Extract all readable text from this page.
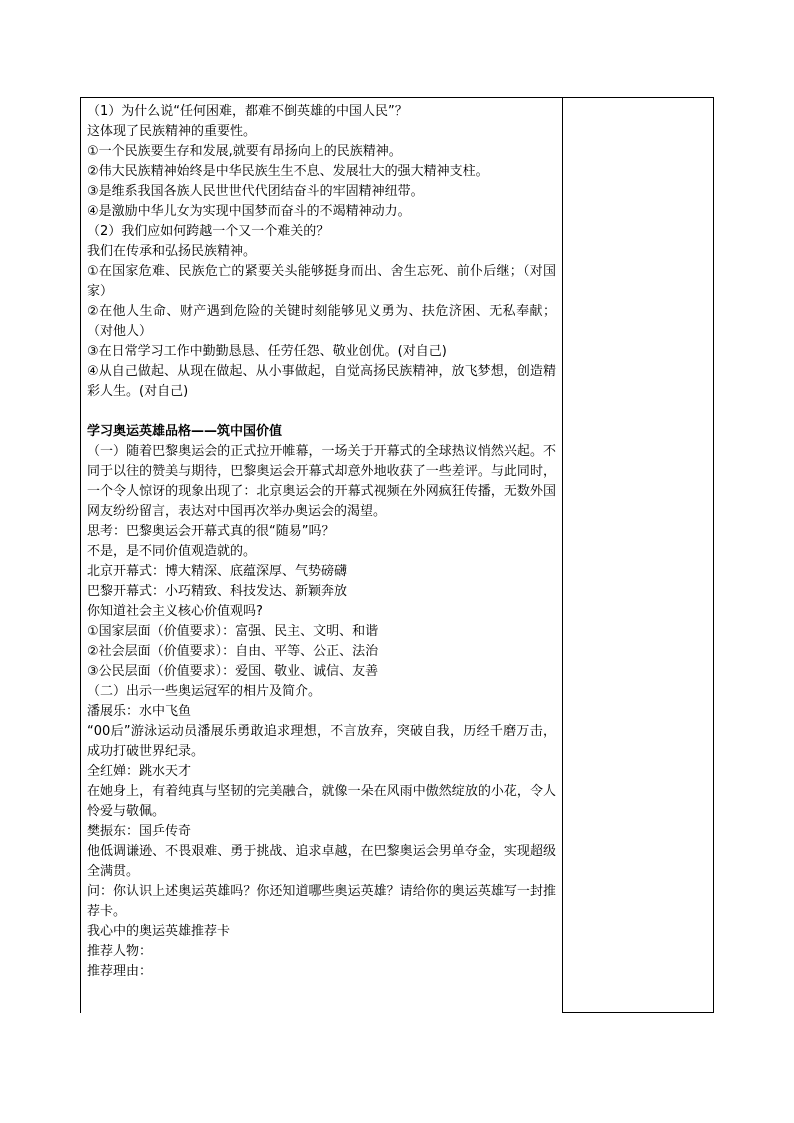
（1）为什么说“任何困难，都难不倒英雄的中国人民”？
这体现了民族精神的重要性。
①一个民族要生存和发展,就要有昂扬向上的民族精神。
②伟大民族精神始终是中华民族生生不息、发展壮大的强大精神支柱。
③是维系我国各族人民世世代代团结奋斗的牢固精神纽带。
④是激励中华儿女为实现中国梦而奋斗的不竭精神动力。
（2）我们应如何跨越一个又一个难关的？
我们在传承和弘扬民族精神。
①在国家危难、民族危亡的紧要关头能够挺身而出、舍生忘死、前仆后继；（对国家）
②在他人生命、财产遇到危险的关键时刻能够见义勇为、扶危济困、无私奉献；（对他人）
③在日常学习工作中勤勤恳恳、任劳任怨、敬业创优。(对自己)
④从自己做起、从现在做起、从小事做起，自觉高扬民族精神，放飞梦想，创造精彩人生。(对自己)
学习奥运英雄品格——筑中国价值
（一）随着巴黎奥运会的正式拉开帷幕，一场关于开幕式的全球热议悄然兴起。不同于以往的赞美与期待，巴黎奥运会开幕式却意外地收获了一些差评。与此同时，一个令人惊讶的现象出现了：北京奥运会的开幕式视频在外网疯狂传播，无数外国网友纷纷留言，表达对中国再次举办奥运会的渴望。
思考：巴黎奥运会开幕式真的很“随易”吗？
不是，是不同价值观造就的。
北京开幕式：博大精深、底蕴深厚、气势磅礴
巴黎开幕式：小巧精致、科技发达、新颖奔放
你知道社会主义核心价值观吗?
①国家层面（价值要求）：富强、民主、文明、和谐
②社会层面（价值要求）：自由、平等、公正、法治
③公民层面（价值要求）：爱国、敬业、诚信、友善
（二）出示一些奥运冠军的相片及简介。
潘展乐：水中飞鱼
“00后”游泳运动员潘展乐勇敢追求理想，不言放弃，突破自我，历经千磨万击，成功打破世界纪录。
全红婵：跳水天才
在她身上，有着纯真与坚韧的完美融合，就像一朵在风雨中傲然绽放的小花，令人怜爱与敬佩。
樊振东：国乒传奇
他低调谦逊、不畏艰难、勇于挑战、追求卓越，在巴黎奥运会男单夺金，实现超级全满贯。
问：你认识上述奥运英雄吗？你还知道哪些奥运英雄？请给你的奥运英雄写一封推荐卡。
我心中的奥运英雄推荐卡
推荐人物：
推荐理由：
